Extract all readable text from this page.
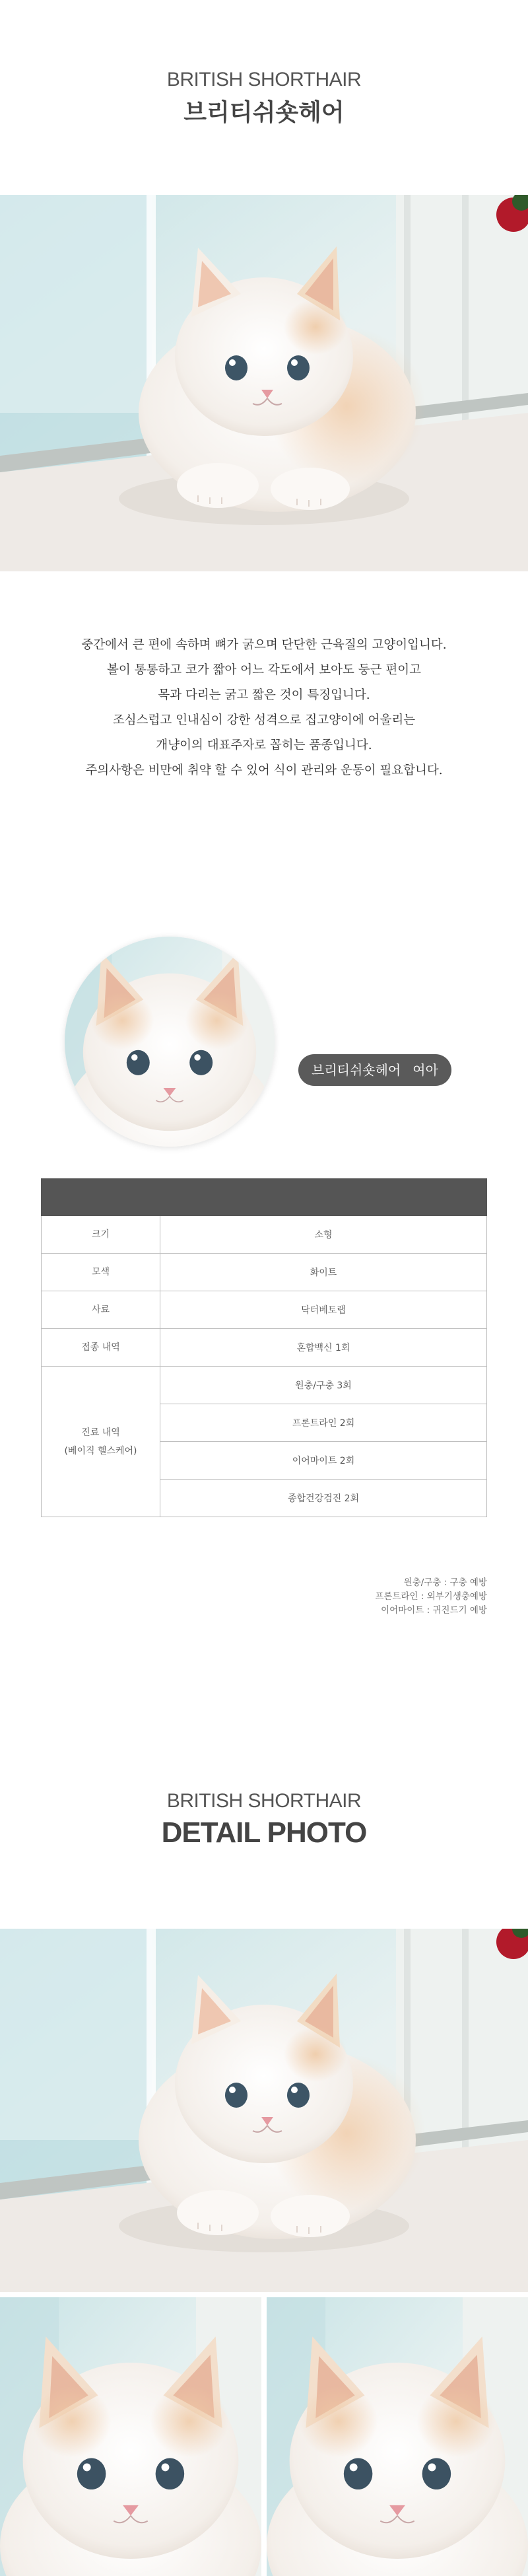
BRITISH SHORTHAIR
브리티쉬숏헤어
중간에서 큰 편에 속하며 뼈가 굵으며 단단한 근육질의 고양이입니다.
볼이 통통하고 코가 짧아 어느 각도에서 보아도 둥근 편이고
목과 다리는 굵고 짧은 것이 특징입니다.
조심스럽고 인내심이 강한 성격으로 집고양이에 어울리는
개냥이의 대표주자로 꼽히는 품종입니다.
주의사항은 비만에 취약 할 수 있어 식이 관리와 운동이 필요합니다.
브리티쉬숏헤어 여아

크기	소형
모색	화이트
사료	닥터베토랩
접종 내역	혼합백신 1회

진료 내역
(베이직 헬스케어)	원충/구충 3회
	프론트라인 2회
	이어마이트 2회
	종합건강검진 2회
원충/구충 : 구충 예방
프론트라인 : 외부기생충예방
이어마이트 : 귀진드기 예방
BRITISH SHORTHAIR
DETAIL PHOTO
